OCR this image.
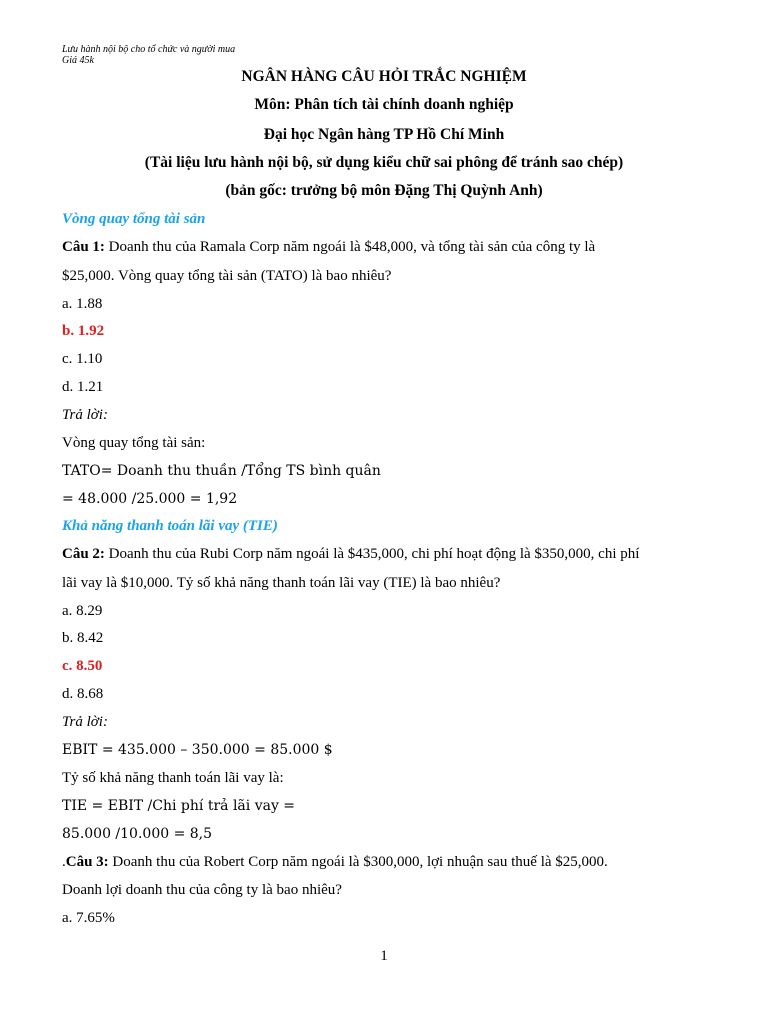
Lưu hành nội bộ cho tổ chức và người mua
Giá 45k
NGÂN HÀNG CÂU HỎI TRẮC NGHIỆM
Môn: Phân tích tài chính doanh nghiệp
Đại học Ngân hàng TP Hồ Chí Minh
(Tài liệu lưu hành nội bộ, sử dụng kiểu chữ sai phông để tránh sao chép)
(bản gốc: trưởng bộ môn Đặng Thị Quỳnh Anh)
Vòng quay tổng tài sản
Câu 1: Doanh thu của Ramala Corp năm ngoái là $48,000, và tổng tài sản của công ty là
$25,000. Vòng quay tổng tài sản (TATO) là bao nhiêu?
a. 1.88
b. 1.92
c. 1.10
d. 1.21
Trả lời:
Vòng quay tổng tài sản:
TATO= Doanh thu thuần /Tổng TS bình quân
= 48.000 /25.000 = 1,92
Khả năng thanh toán lãi vay (TIE)
Câu 2: Doanh thu của Rubi Corp năm ngoái là $435,000, chi phí hoạt động là $350,000, chi phí
lãi vay là $10,000. Tỷ số khả năng thanh toán lãi vay (TIE) là bao nhiêu?
a. 8.29
b. 8.42
c. 8.50
d. 8.68
Trả lời:
EBIT = 435.000 – 350.000 = 85.000 $
Tỷ số khả năng thanh toán lãi vay là:
TIE = EBIT /Chi phí trả lãi vay =
85.000 /10.000 = 8,5
.Câu 3: Doanh thu của Robert Corp năm ngoái là $300,000, lợi nhuận sau thuế là $25,000.
Doanh lợi doanh thu của công ty là bao nhiêu?
a. 7.65%
1
